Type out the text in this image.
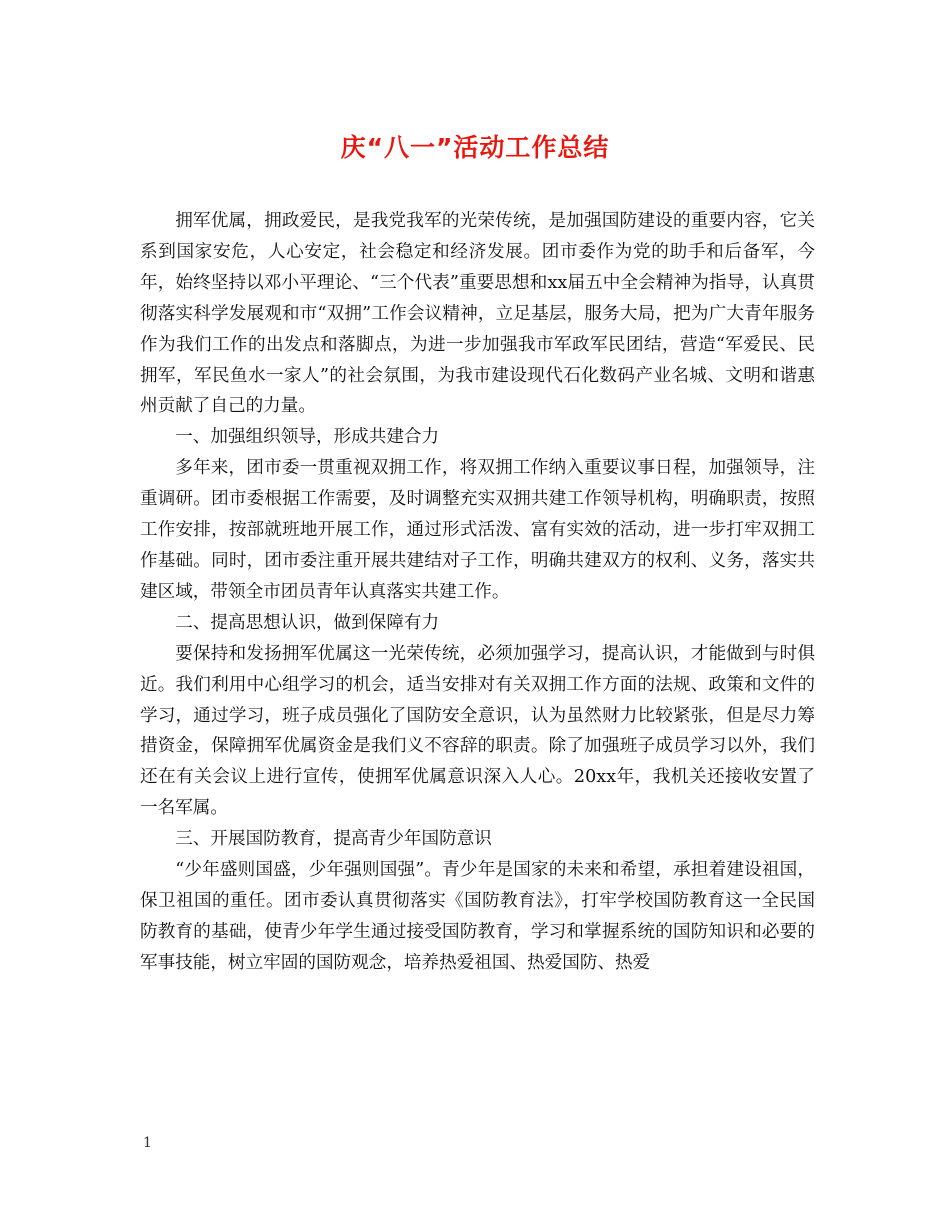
庆“八一”活动工作总结

拥军优属，拥政爱民，是我党我军的光荣传统，是加强国防建设的重要内容，它关系到国家安危，人心安定，社会稳定和经济发展。团市委作为党的助手和后备军，今年，始终坚持以邓小平理论、“三个代表”重要思想和xx届五中全会精神为指导，认真贯彻落实科学发展观和市“双拥”工作会议精神，立足基层，服务大局，把为广大青年服务作为我们工作的出发点和落脚点，为进一步加强我市军政军民团结，营造“军爱民、民拥军，军民鱼水一家人”的社会氛围，为我市建设现代石化数码产业名城、文明和谐惠州贡献了自己的力量。

一、加强组织领导，形成共建合力

多年来，团市委一贯重视双拥工作，将双拥工作纳入重要议事日程，加强领导，注重调研。团市委根据工作需要，及时调整充实双拥共建工作领导机构，明确职责，按照工作安排，按部就班地开展工作，通过形式活泼、富有实效的活动，进一步打牢双拥工作基础。同时，团市委注重开展共建结对子工作，明确共建双方的权利、义务，落实共建区域，带领全市团员青年认真落实共建工作。

二、提高思想认识，做到保障有力

要保持和发扬拥军优属这一光荣传统，必须加强学习，提高认识，才能做到与时俱近。我们利用中心组学习的机会，适当安排对有关双拥工作方面的法规、政策和文件的学习，通过学习，班子成员强化了国防安全意识，认为虽然财力比较紧张，但是尽力筹措资金，保障拥军优属资金是我们义不容辞的职责。除了加强班子成员学习以外，我们还在有关会议上进行宣传，使拥军优属意识深入人心。20xx年，我机关还接收安置了一名军属。

三、开展国防教育，提高青少年国防意识

“少年盛则国盛，少年强则国强”。青少年是国家的未来和希望，承担着建设祖国，保卫祖国的重任。团市委认真贯彻落实《国防教育法》，打牢学校国防教育这一全民国防教育的基础，使青少年学生通过接受国防教育，学习和掌握系统的国防知识和必要的军事技能，树立牢固的国防观念，培养热爱祖国、热爱国防、热爱

1
